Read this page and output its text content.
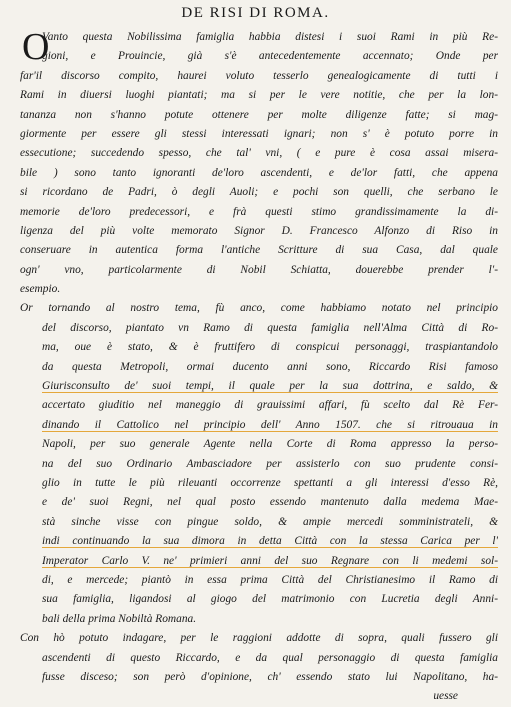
DE RISI DI ROMA.
O
Vanto questa Nobilissima famiglia habbia distesi i suoi Rami in più Re-
gioni, e Prouincie, già s'è antecedentemente accennato; Onde per
far'il discorso compito, haurei voluto tesserlo genealogicamente di tutti i
Rami in diuersi luoghi piantati; ma si per le vere notitie, che per la lon-
tananza non s'hanno potute ottenere per molte diligenze fatte; si mag-
giormente per essere gli stessi interessati ignari; non s' è potuto porre in
essecutione; succedendo spesso, che tal' vni, ( e pure è cosa assai misera-
bile ) sono tanto ignoranti de'loro ascendenti, e de'lor fatti, che appena
si ricordano de Padri, ò degli Auoli; e pochi son quelli, che serbano le
memorie de'loro predecessori, e frà questi stimo grandissimamente la di-
ligenza del più volte memorato Signor D. Francesco Alfonzo di Riso in
conseruare in autentica forma l'antiche Scritture di sua Casa, dal quale
ogn' vno, particolarmente di Nobil Schiatta, douerebbe prender l'-
esempio.
Or tornando al nostro tema, fù anco, come habbiamo notato nel principio
del discorso, piantato vn Ramo di questa famiglia nell'Alma Città di Ro-
ma, oue è stato, & è fruttifero di conspicui personaggi, traspiantandolo
da questa Metropoli, ormai ducento anni sono, Riccardo Risi famoso
Giurisconsulto de' suoi tempi, il quale per la sua dottrina, e saldo, &
accertato giuditio nel maneggio di grauissimi affari, fù scelto dal Rè Fer-
dinando il Cattolico nel principio dell' Anno 1507. che si ritrouaua in
Napoli, per suo generale Agente nella Corte di Roma appresso la perso-
na del suo Ordinario Ambasciadore per assisterlo con suo prudente consi-
glio in tutte le più rileuanti occorrenze spettanti a gli interessi d'esso Rè,
e de' suoi Regni, nel qual posto essendo mantenuto dalla medema Mae-
stà sinche visse con pingue soldo, & ampie mercedi somministrateli, &
indi continuando la sua dimora in detta Città con la stessa Carica per l'
Imperator Carlo V. ne' primieri anni del suo Regnare con li medemi sol-
di, e mercede; piantò in essa prima Città del Christianesimo il Ramo di
sua famiglia, ligandosi al giogo del matrimonio con Lucretia degli Anni-
bali della prima Nobiltà Romana.
Con hò potuto indagare, per le raggioni addotte di sopra, quali fussero gli
ascendenti di questo Riccardo, e da qual personaggio di questa famiglia
fusse disceso; son però d'opinione, ch' essendo stato lui Napolitano, ha-
uesse
